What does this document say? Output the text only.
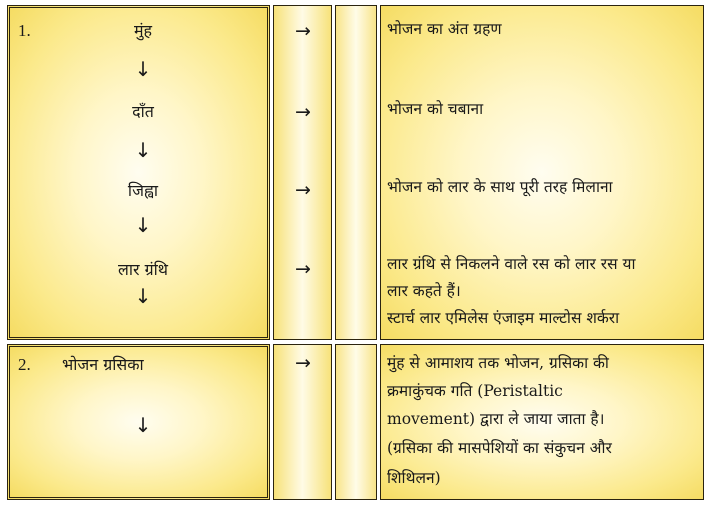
1.	मुंह
↓
दाँत
↓
जिह्वा
↓
लार ग्रंथि
↓
→
→
→
→
भोजन का अंत ग्रहण
भोजन को चबाना
भोजन को लार के साथ पूरी तरह मिलाना
लार ग्रंथि से निकलने वाले रस को लार रस या
लार कहते हैं।
स्टार्च लार एमिलेस एंजाइम माल्टोस शर्करा
2. भोजन ग्रसिका
↓
→	मुंह से आमाशय तक भोजन, ग्रसिका की
क्रमाकुंचक गति (Peristaltic
movement) द्वारा ले जाया जाता है।
(ग्रसिका की मासपेशियों का संकुचन और
शिथिलन)
